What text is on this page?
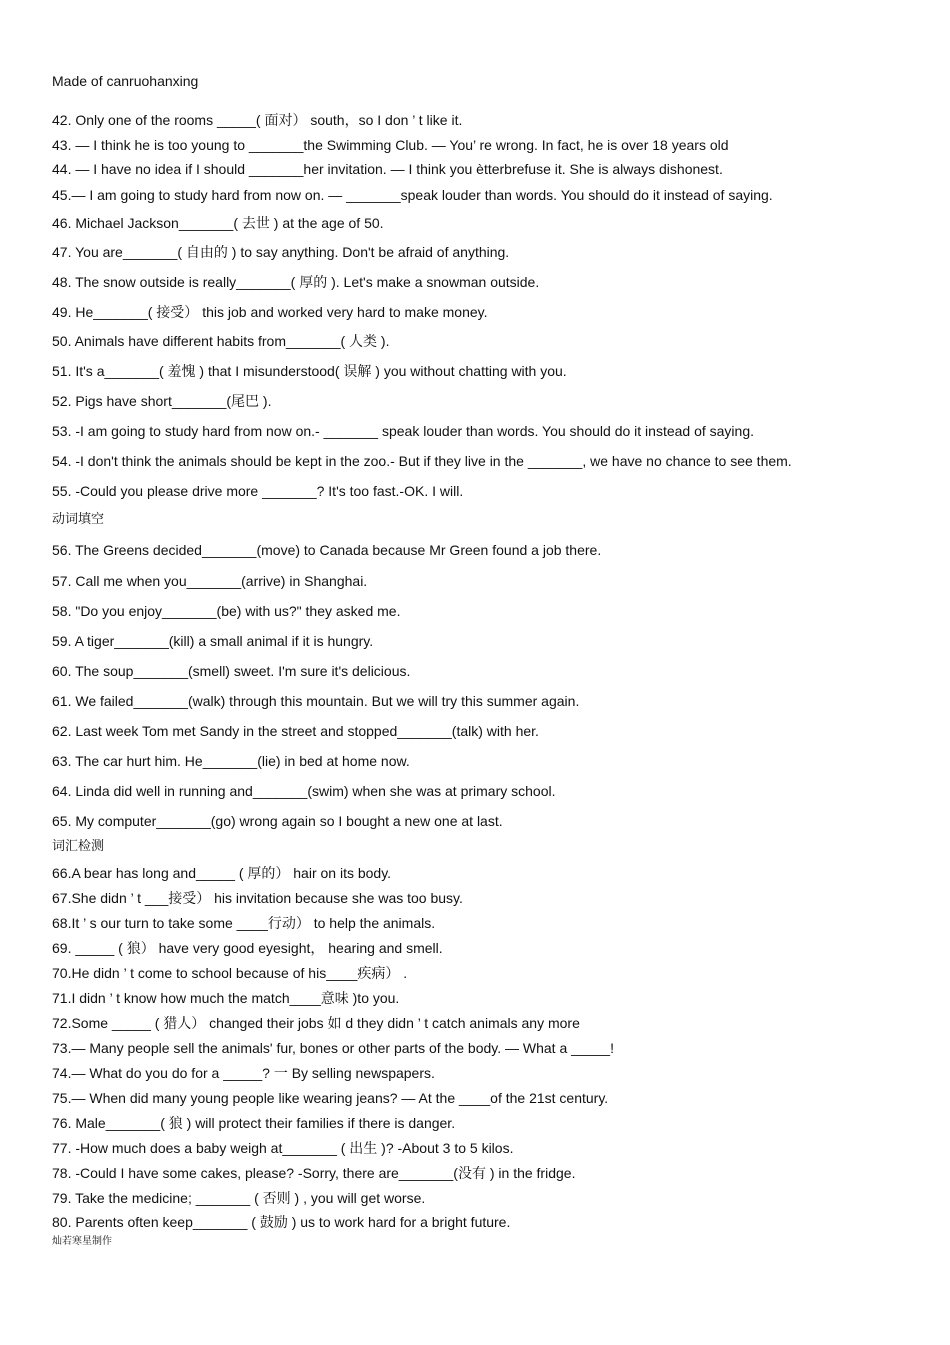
Made of canruohanxing
42. Only one of the rooms _____( 面对） south，so I don ’ t like it.
43. — I think he is too young to _______the Swimming Club. — You’ re wrong. In fact, he is over 18 years old
44. — I have no idea if I should _______her invitation. — I think you ètterbrefuse it. She is always dishonest.
45.— I am going to study hard from now on. — _______speak louder than words. You should do it instead of saying.
46. Michael Jackson_______( 去世 ) at the age of 50.
47. You are_______( 自由的 ) to say anything. Don't be afraid of anything.
48. The snow outside is really_______( 厚的 ). Let's make a snowman outside.
49. He_______( 接受） this job and worked very hard to make money.
50. Animals have different habits from_______( 人类 ).
51. It's a_______( 羞愧 ) that I misunderstood( 误解 ) you without chatting with you.
52. Pigs have short_______(尾巴 ).
53. -I am going to study hard from now on.- _______ speak louder than words. You should do it instead of saying.
54. -I don't think the animals should be kept in the zoo.- But if they live in the _______, we have no chance to see them.
55. -Could you please drive more _______? It's too fast.-OK. I will.
动词填空
56. The Greens decided_______(move) to Canada because Mr Green found a job there.
57. Call me when you_______(arrive) in Shanghai.
58. "Do you enjoy_______(be) with us?" they asked me.
59. A tiger_______(kill) a small animal if it is hungry.
60. The soup_______(smell) sweet. I'm sure it's delicious.
61. We failed_______(walk) through this mountain. But we will try this summer again.
62. Last week Tom met Sandy in the street and stopped_______(talk) with her.
63. The car hurt him. He_______(lie) in bed at home now.
64. Linda did well in running and_______(swim) when she was at primary school.
65. My computer_______(go) wrong again so I bought a new one at last.
词汇检测
66.A bear has long and_____ ( 厚的） hair on its body.
67.She didn ’ t ___接受） his invitation because she was too busy.
68.It ’ s our turn to take some ____行动） to help the animals.
69. _____ ( 狼） have very good eyesight， hearing and smell.
70.He didn ’ t come to school because of his____疾病） .
71.I didn ’ t know how much the match____意味 )to you.
72.Some _____ ( 猎人） changed their jobs 如 d they didn ’ t catch animals any more
73.— Many people sell the animals' fur, bones or other parts of the body. — What a _____!
74.— What do you do for a _____? 一 By selling newspapers.
75.— When did many young people like wearing jeans? — At the ____of the 21st century.
76. Male_______( 狼 ) will protect their families if there is danger.
77. -How much does a baby weigh at_______ ( 出生 )? -About 3 to 5 kilos.
78. -Could I have some cakes, please? -Sorry, there are_______(没有 ) in the fridge.
79. Take the medicine; _______ ( 否则 ) , you will get worse.
80. Parents often keep_______ ( 鼓励 ) us to work hard for a bright future.
灿若寒星制作
